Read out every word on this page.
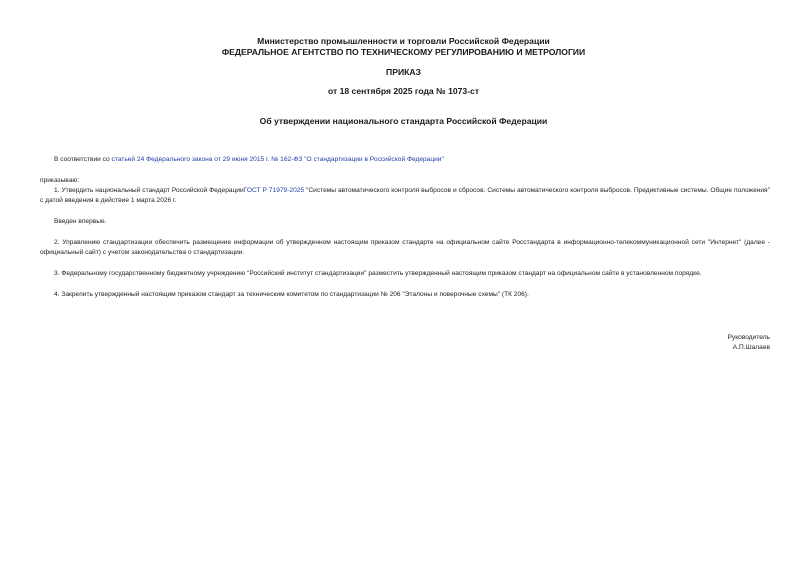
Министерство промышленности и торговли Российской Федерации
ФЕДЕРАЛЬНОЕ АГЕНТСТВО ПО ТЕХНИЧЕСКОМУ РЕГУЛИРОВАНИЮ И МЕТРОЛОГИИ
ПРИКАЗ
от 18 сентября 2025 года № 1073-ст
Об утверждении национального стандарта Российской Федерации
В соответствии со статьей 24 Федерального закона от 29 июня 2015 г. № 162-ФЗ "О стандартизации в Российской Федерации"
приказываю:
1. Утвердить национальный стандарт Российской ФедерацииГОСТ Р 71979-2025 "Системы автоматического контроля выбросов и сбросов. Системы автоматического контроля выбросов. Предиктивные системы. Общие положения" с датой введения в действие 1 марта 2026 г.
Введен впервые.
2. Управлению стандартизации обеспечить размещение информации об утвержденном настоящим приказом стандарте на официальном сайте Росстандарта в информационно-телекоммуникационной сети "Интернет" (далее - официальный сайт) с учетом законодательства о стандартизации.
3. Федеральному государственному бюджетному учреждению "Российский институт стандартизации" разместить утвержденный настоящим приказом стандарт на официальном сайте в установленном порядке.
4. Закрепить утвержденный настоящим приказом стандарт за техническим комитетом по стандартизации № 206 "Эталоны и поверочные схемы" (ТК 206).
Руководитель
А.П.Шалаев
